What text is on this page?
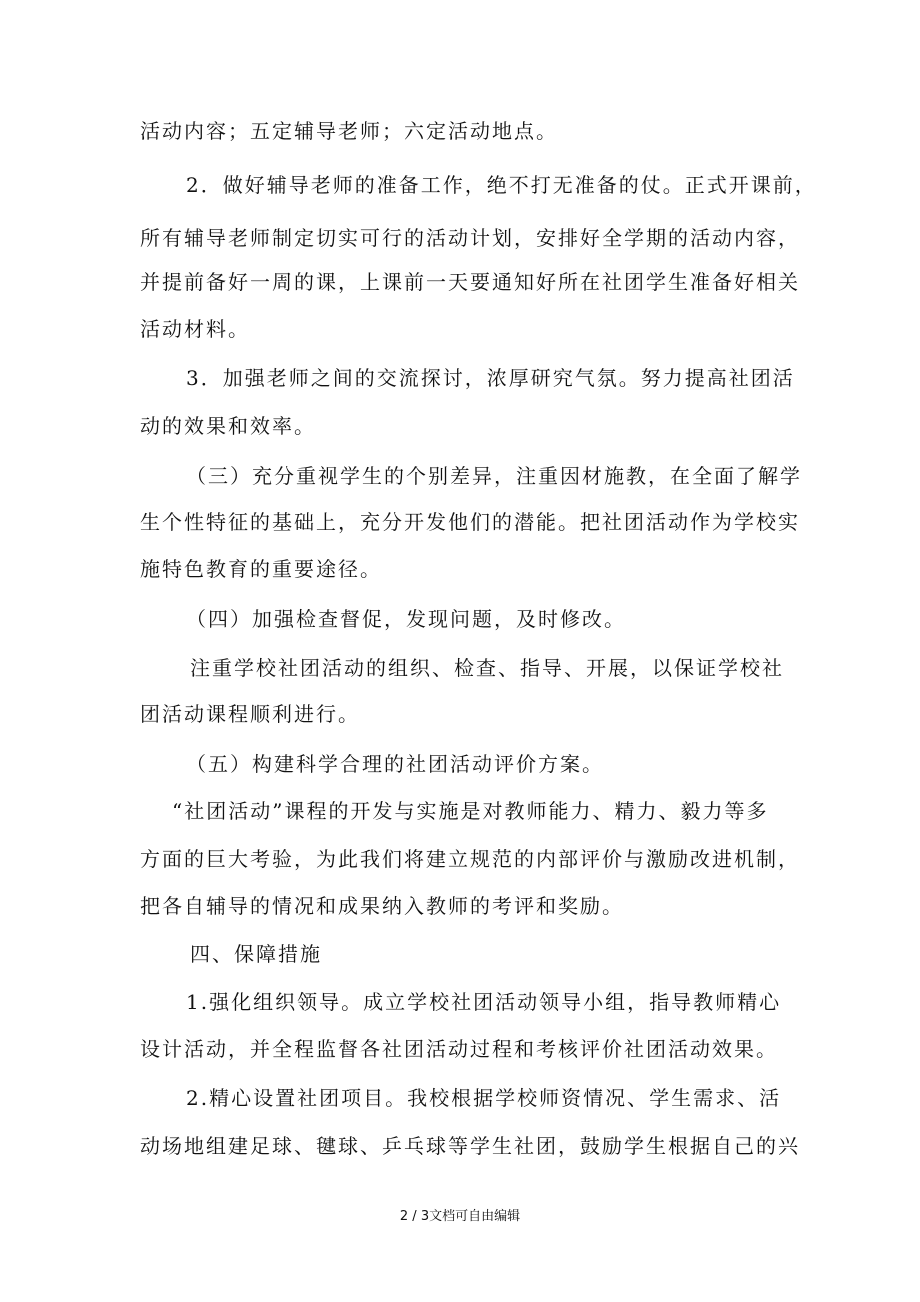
活动内容；五定辅导老师；六定活动地点。
2．做好辅导老师的准备工作，绝不打无准备的仗。正式开课前，
所有辅导老师制定切实可行的活动计划，安排好全学期的活动内容，
并提前备好一周的课，上课前一天要通知好所在社团学生准备好相关
活动材料。
3．加强老师之间的交流探讨，浓厚研究气氛。努力提高社团活
动的效果和效率。
（三）充分重视学生的个别差异，注重因材施教，在全面了解学
生个性特征的基础上，充分开发他们的潜能。把社团活动作为学校实
施特色教育的重要途径。
（四）加强检查督促，发现问题，及时修改。
注重学校社团活动的组织、检查、指导、开展，以保证学校社
团活动课程顺利进行。
（五）构建科学合理的社团活动评价方案。
“社团活动”课程的开发与实施是对教师能力、精力、毅力等多
方面的巨大考验，为此我们将建立规范的内部评价与激励改进机制，
把各自辅导的情况和成果纳入教师的考评和奖励。
四、保障措施
1.强化组织领导。成立学校社团活动领导小组，指导教师精心
设计活动，并全程监督各社团活动过程和考核评价社团活动效果。
2.精心设置社团项目。我校根据学校师资情况、学生需求、活
动场地组建足球、毽球、乒乓球等学生社团，鼓励学生根据自己的兴
2 / 3文档可自由编辑
